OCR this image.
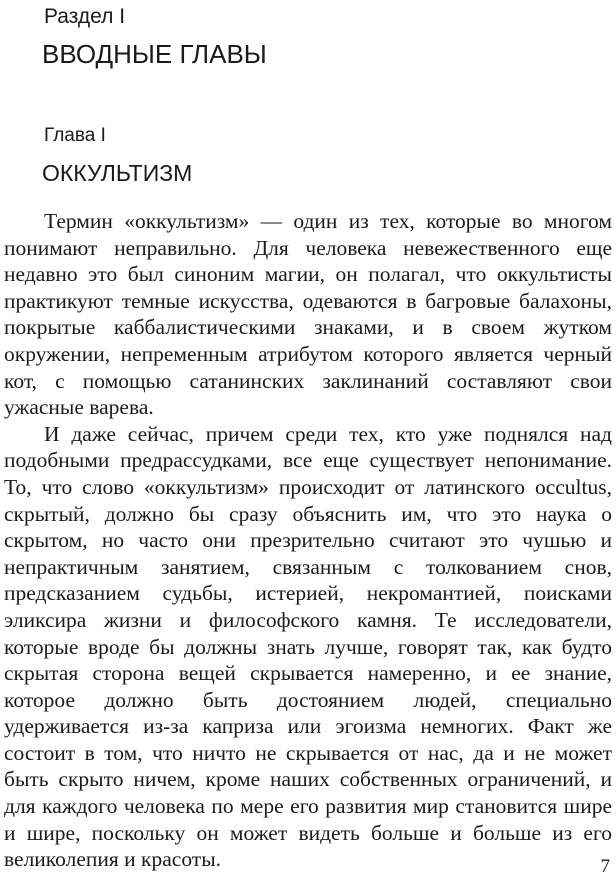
Раздел I
ВВОДНЫЕ ГЛАВЫ
Глава I
ОККУЛЬТИЗМ

Термин «оккультизм» — один из тех, которые во многом понимают неправильно. Для человека невежественного еще недавно это был синоним магии, он полагал, что оккультисты практикуют темные искусства, одеваются в багровые балахоны, покрытые каббалистическими знаками, и в своем жутком окружении, непременным атрибутом которого является черный кот, с помощью сатанинских заклинаний составляют свои ужасные варева.

И даже сейчас, причем среди тех, кто уже поднялся над подобными предрассудками, все еще существует непонимание. То, что слово «оккультизм» происходит от латинского occultus, скрытый, должно бы сразу объяснить им, что это наука о скрытом, но часто они презрительно считают это чушью и непрактичным занятием, связанным с толкованием снов, предсказанием судьбы, истерией, некромантией, поисками эликсира жизни и философского камня. Те исследователи, которые вроде бы должны знать лучше, говорят так, как будто скрытая сторона вещей скрывается намеренно, и ее знание, которое должно быть достоянием людей, специально удерживается из-за каприза или эгоизма немногих. Факт же состоит в том, что ничто не скрывается от нас, да и не может быть скрыто ничем, кроме наших собственных ограничений, и для каждого человека по мере его развития мир становится шире и шире, поскольку он может видеть больше и больше из его великолепия и красоты.	7
